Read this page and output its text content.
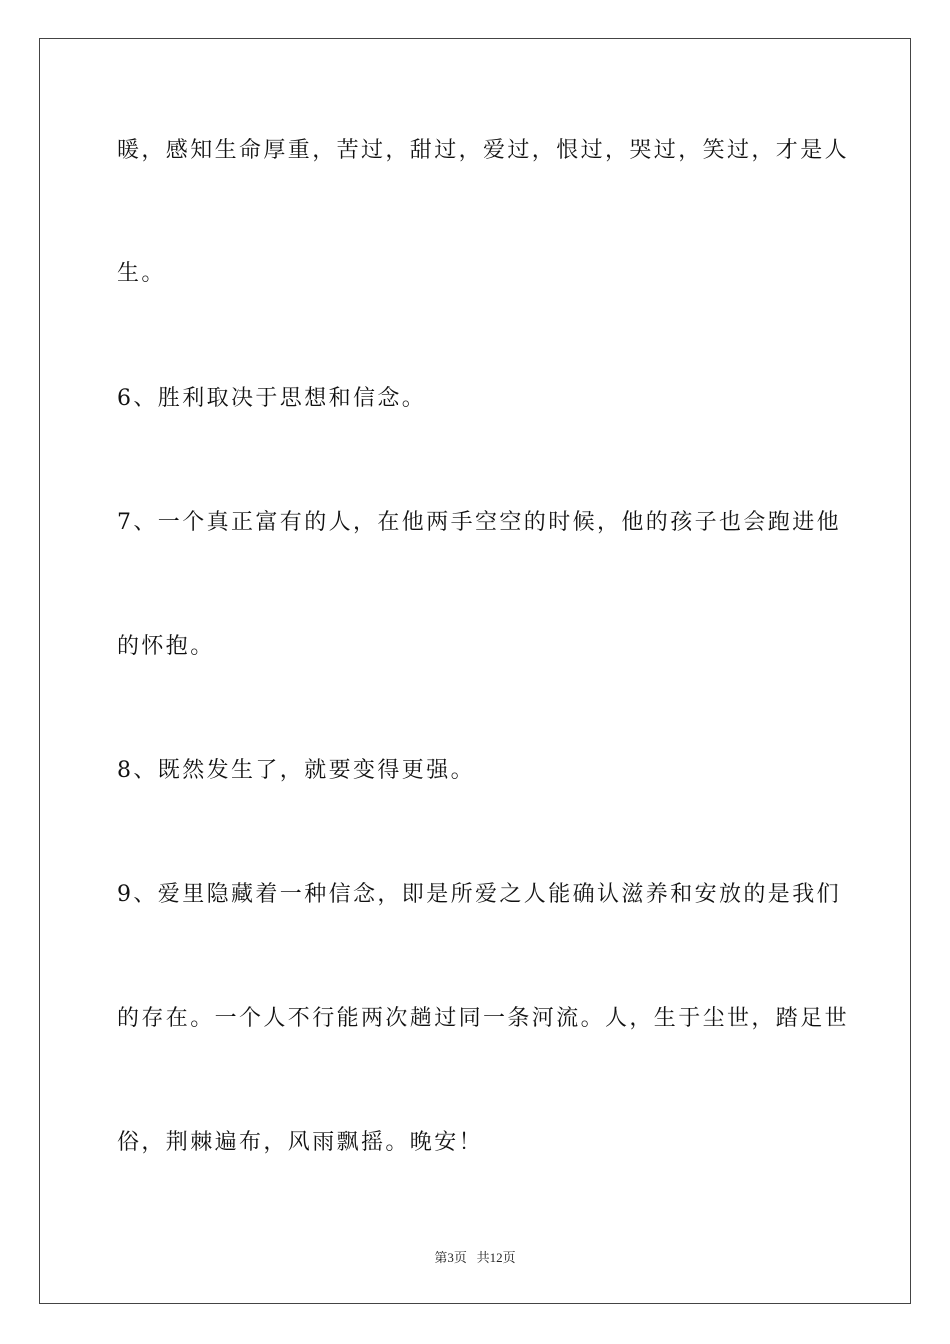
暖，感知生命厚重，苦过，甜过，爱过，恨过，哭过，笑过，才是人
生。
6、胜利取决于思想和信念。
7、一个真正富有的人，在他两手空空的时候，他的孩子也会跑进他
的怀抱。
8、既然发生了，就要变得更强。
9、爱里隐藏着一种信念，即是所爱之人能确认滋养和安放的是我们
的存在。一个人不行能两次趟过同一条河流。人，生于尘世，踏足世
俗，荆棘遍布，风雨飘摇。晚安！
第3页 共12页
